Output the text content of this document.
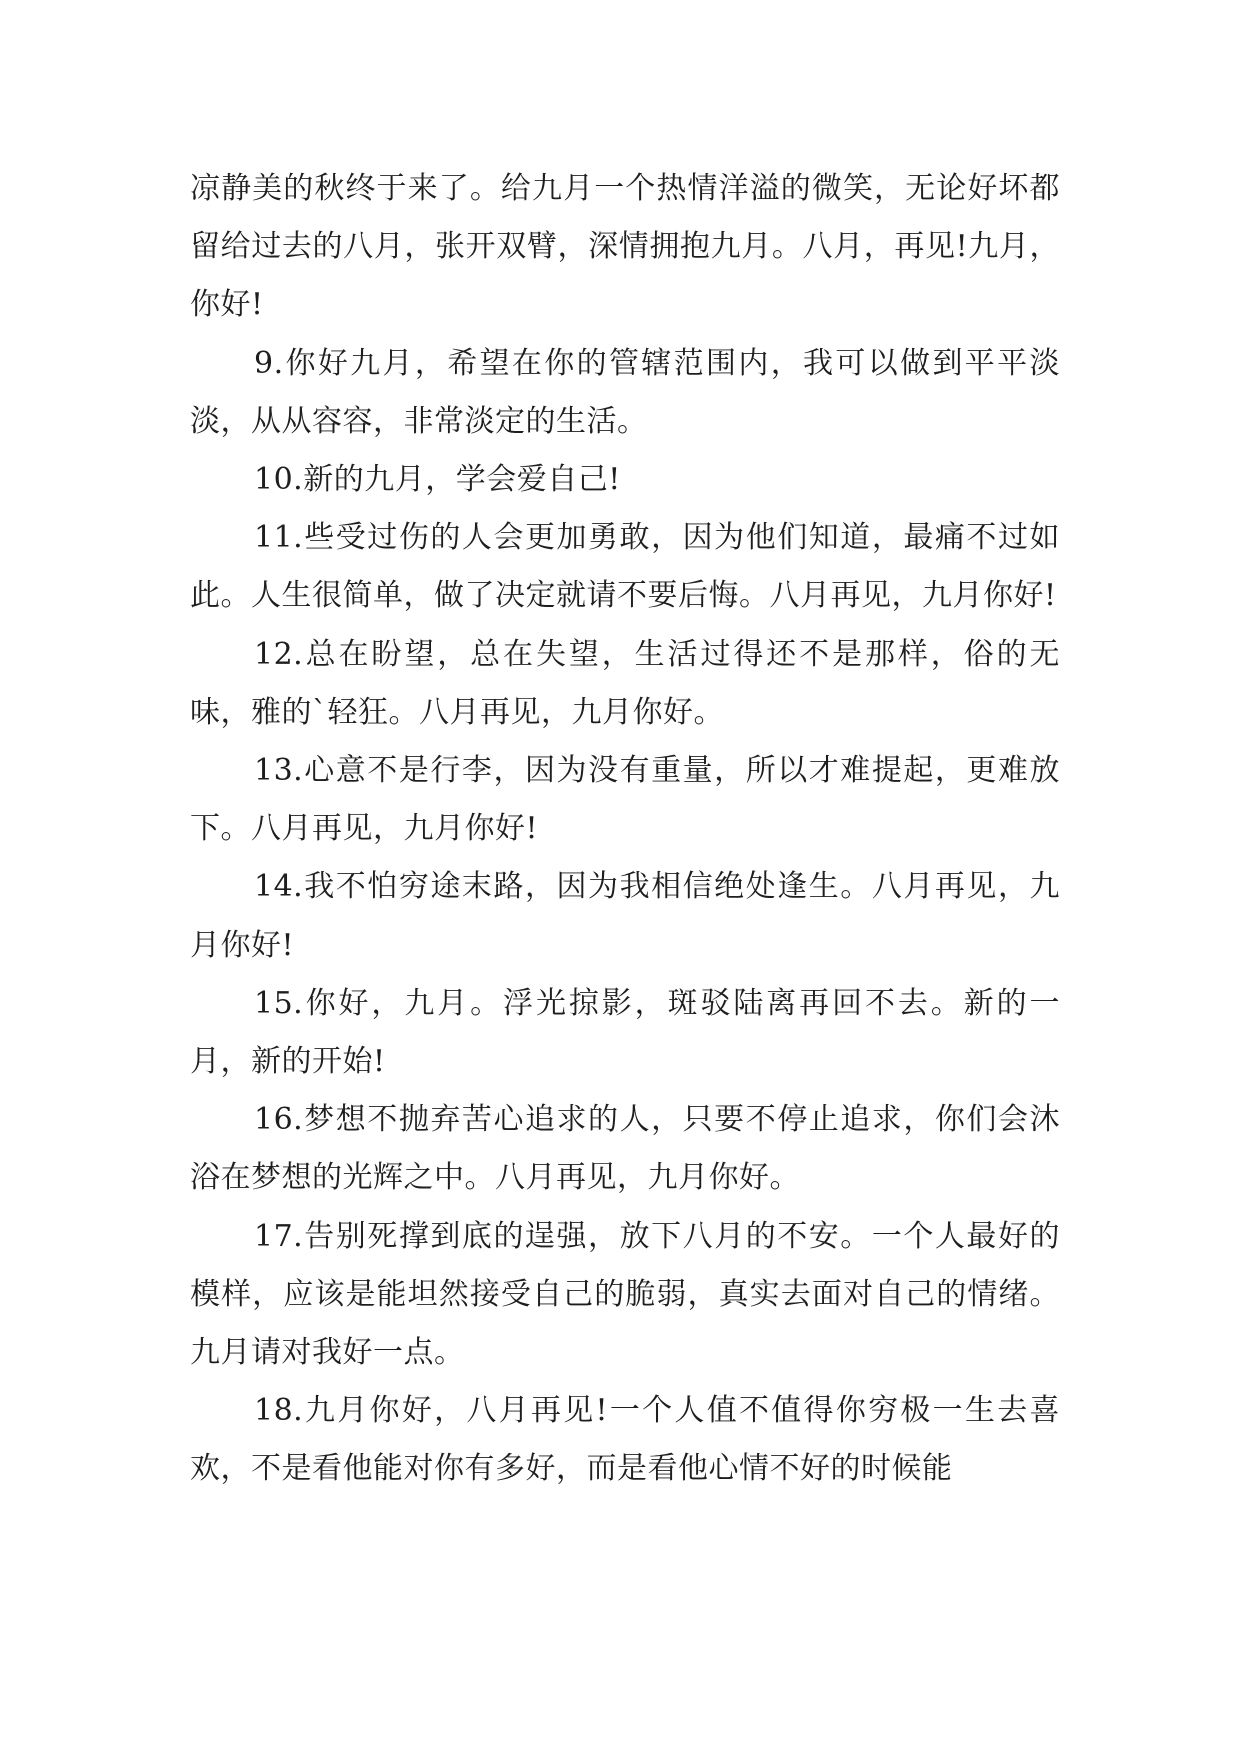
凉静美的秋终于来了。给九月一个热情洋溢的微笑，无论好坏都留给过去的八月，张开双臂，深情拥抱九月。八月，再见!九月，你好!

9.你好九月，希望在你的管辖范围内，我可以做到平平淡淡，从从容容，非常淡定的生活。

10.新的九月，学会爱自己!

11.些受过伤的人会更加勇敢，因为他们知道，最痛不过如此。人生很简单，做了决定就请不要后悔。八月再见，九月你好!

12.总在盼望，总在失望，生活过得还不是那样，俗的无味，雅的`轻狂。八月再见，九月你好。

13.心意不是行李，因为没有重量，所以才难提起，更难放下。八月再见，九月你好!

14.我不怕穷途末路，因为我相信绝处逢生。八月再见，九月你好!

15.你好，九月。浮光掠影，斑驳陆离再回不去。新的一月，新的开始!

16.梦想不抛弃苦心追求的人，只要不停止追求，你们会沐浴在梦想的光辉之中。八月再见，九月你好。

17.告别死撑到底的逞强，放下八月的不安。一个人最好的模样，应该是能坦然接受自己的脆弱，真实去面对自己的情绪。九月请对我好一点。

18.九月你好，八月再见!一个人值不值得你穷极一生去喜欢，不是看他能对你有多好，而是看他心情不好的时候能
